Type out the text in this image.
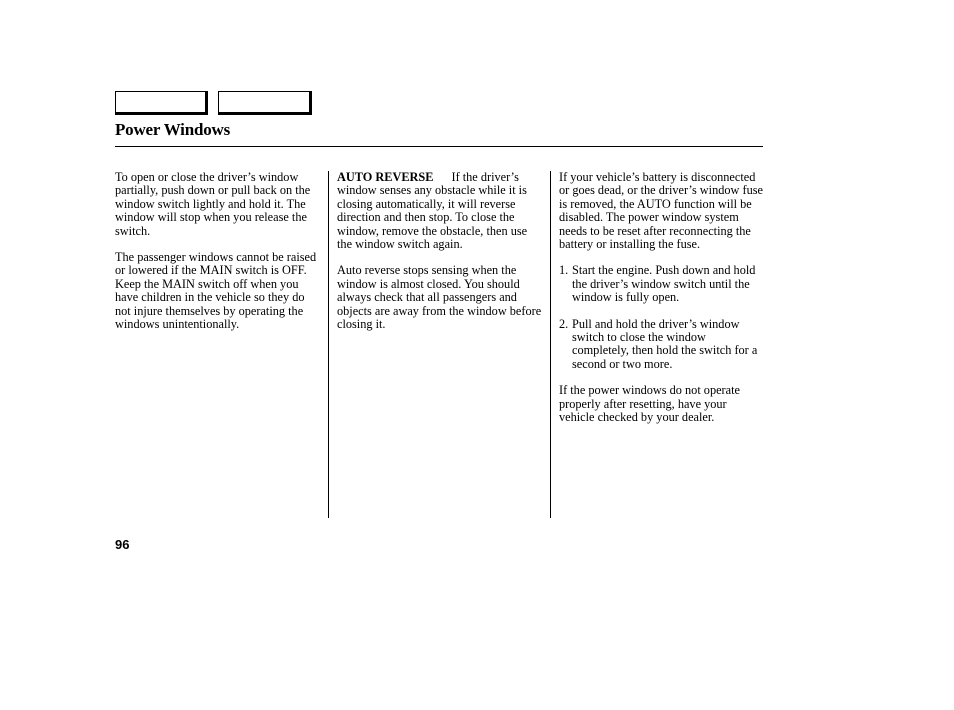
Power Windows

To open or close the driver’s window partially, push down or pull back on the window switch lightly and hold it. The window will stop when you release the switch.

The passenger windows cannot be raised or lowered if the MAIN switch is OFF. Keep the MAIN switch off when you have children in the vehicle so they do not injure themselves by operating the windows unintentionally.

AUTO REVERSE If the driver’s window senses any obstacle while it is closing automatically, it will reverse direction and then stop. To close the window, remove the obstacle, then use the window switch again.

Auto reverse stops sensing when the window is almost closed. You should always check that all passengers and objects are away from the window before closing it.

If your vehicle’s battery is disconnected or goes dead, or the driver’s window fuse is removed, the AUTO function will be disabled. The power window system needs to be reset after reconnecting the battery or installing the fuse.

1. Start the engine. Push down and hold the driver’s window switch until the window is fully open.
2. Pull and hold the driver’s window switch to close the window completely, then hold the switch for a second or two more.

If the power windows do not operate properly after resetting, have your vehicle checked by your dealer.

96
